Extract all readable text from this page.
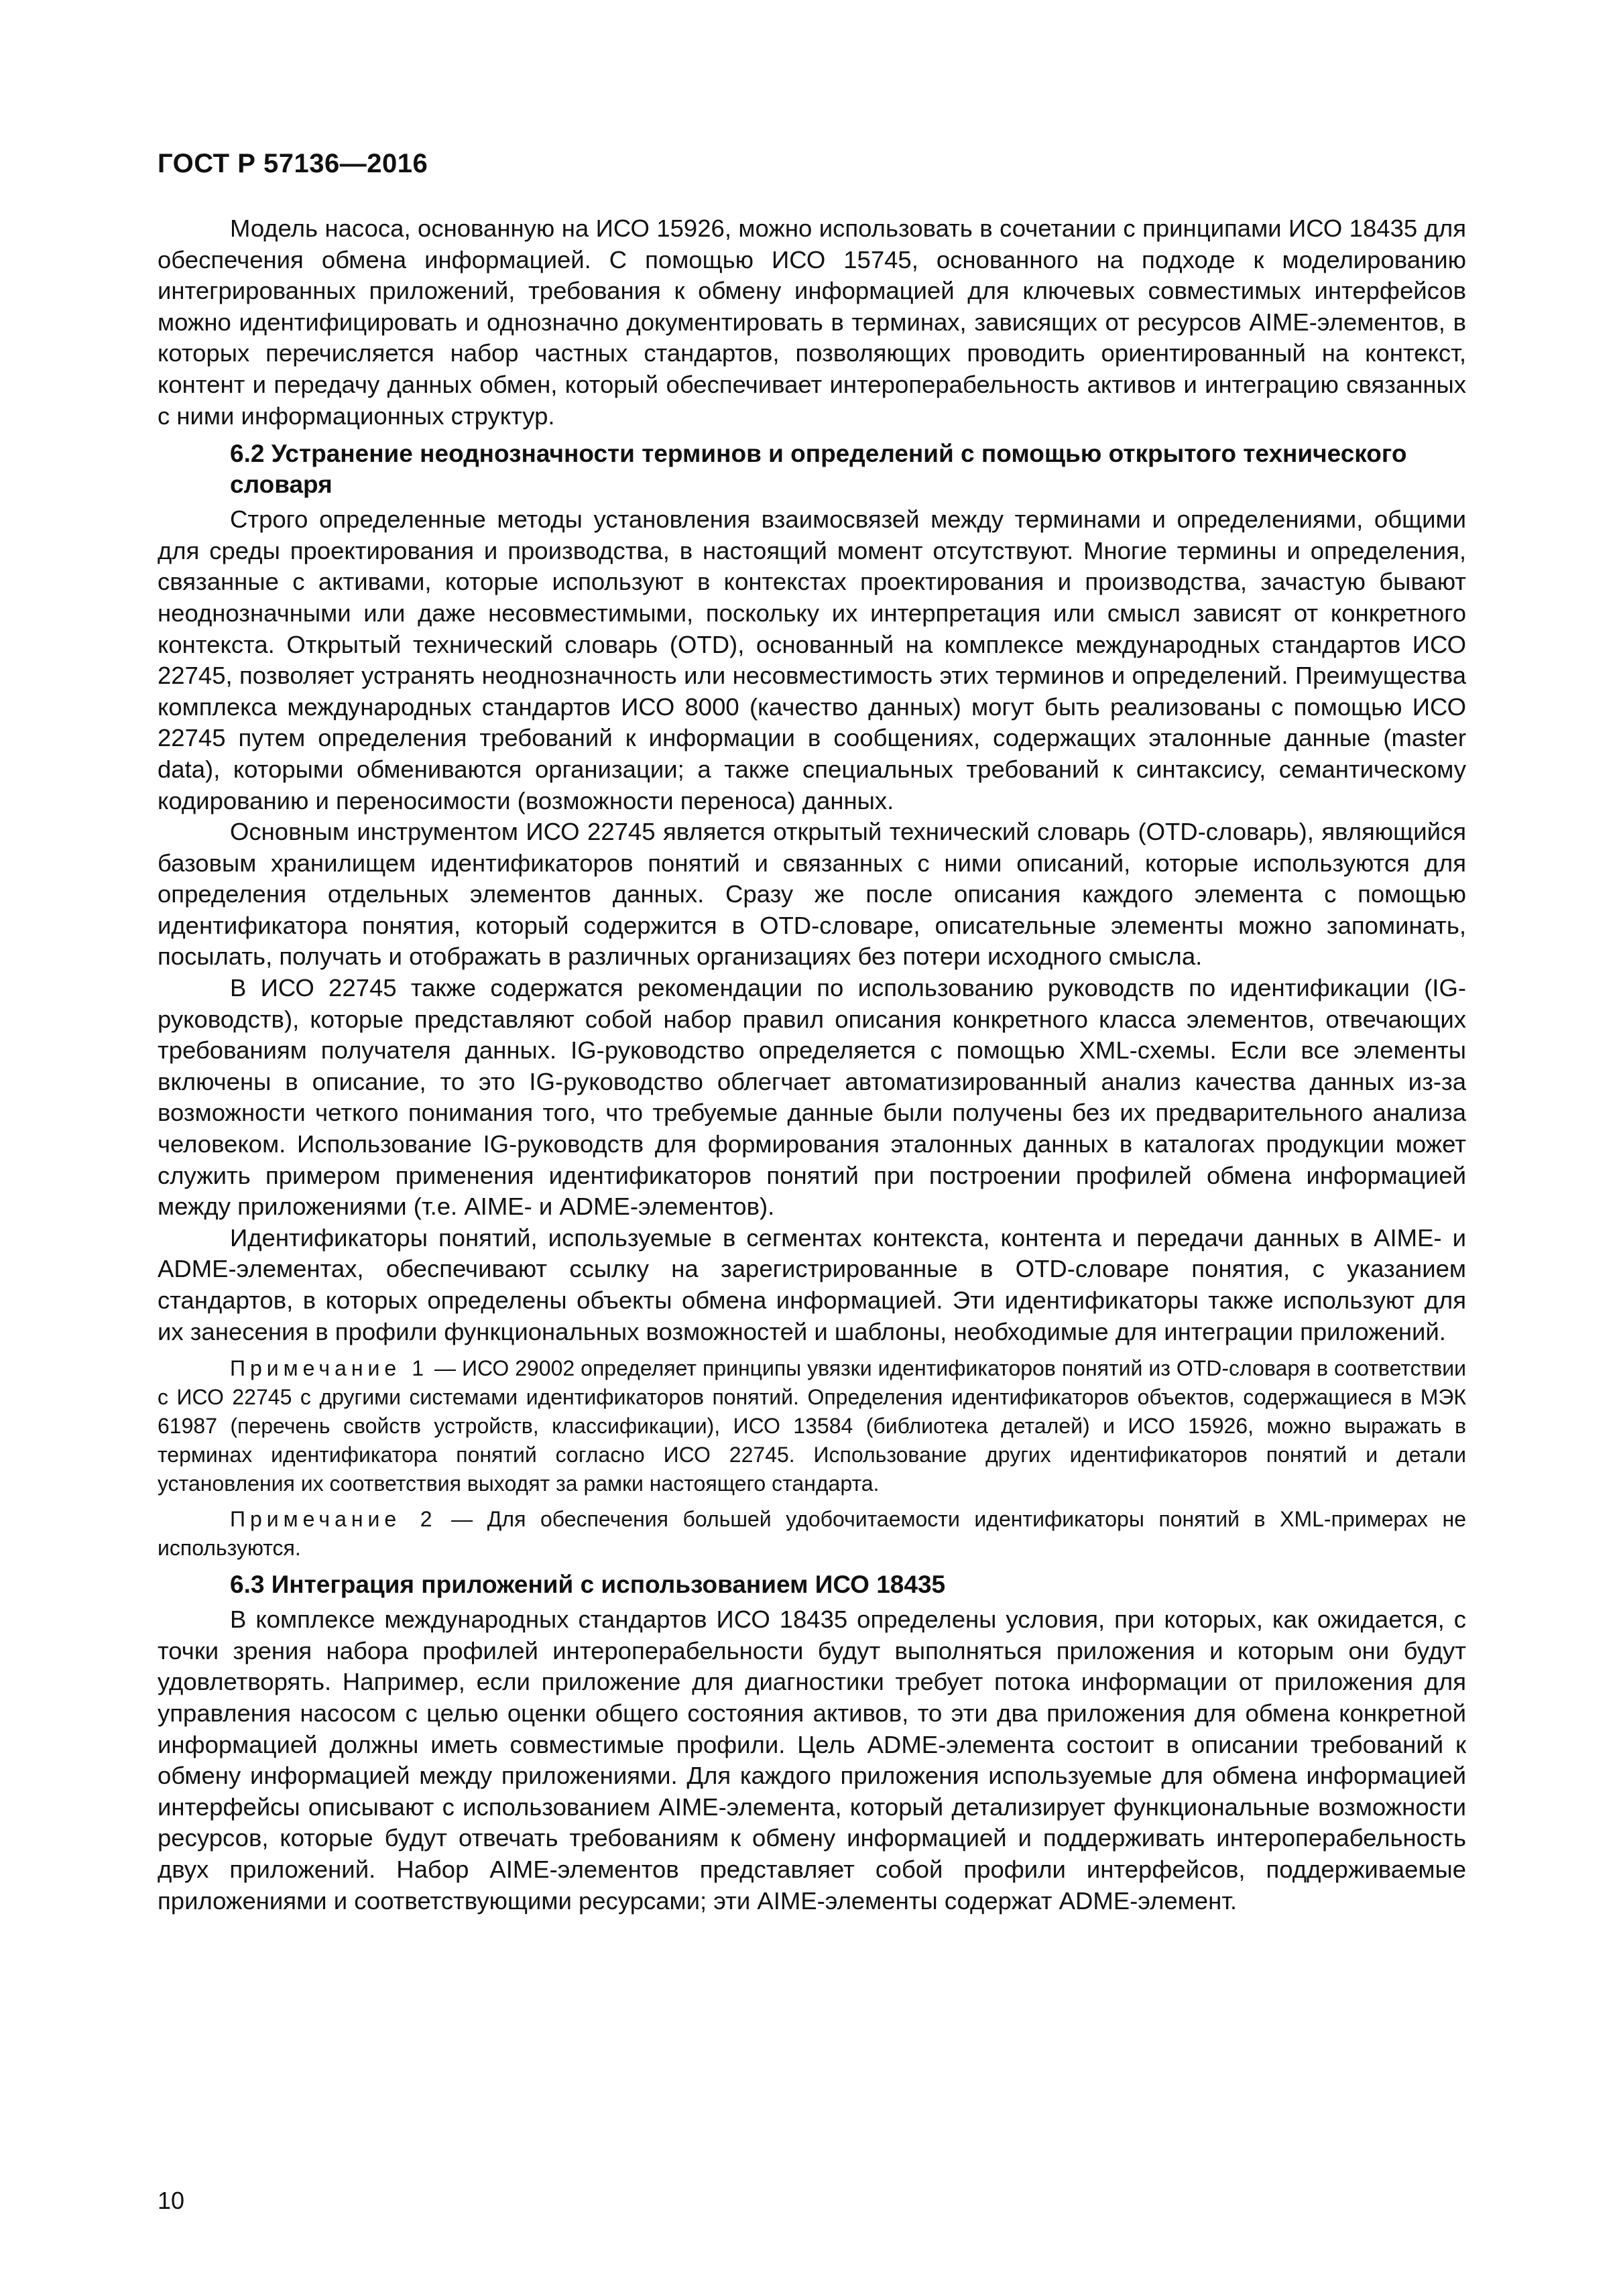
ГОСТ Р 57136—2016

Модель насоса, основанную на ИСО 15926, можно использовать в сочетании с принципами ИСО 18435 для обеспечения обмена информацией. С помощью ИСО 15745, основанного на подходе к моделированию интегрированных приложений, требования к обмену информацией для ключевых совместимых интерфейсов можно идентифицировать и однозначно документировать в терминах, зависящих от ресурсов AIME-элементов, в которых перечисляется набор частных стандартов, позволяющих проводить ориентированный на контекст, контент и передачу данных обмен, который обеспечивает интероперабельность активов и интеграцию связанных с ними информационных структур.

6.2 Устранение неоднозначности терминов и определений с помощью открытого технического словаря

Строго определенные методы установления взаимосвязей между терминами и определениями, общими для среды проектирования и производства, в настоящий момент отсутствуют. Многие термины и определения, связанные с активами, которые используют в контекстах проектирования и производства, зачастую бывают неоднозначными или даже несовместимыми, поскольку их интерпретация или смысл зависят от конкретного контекста. Открытый технический словарь (OTD), основанный на комплексе международных стандартов ИСО 22745, позволяет устранять неоднозначность или несовместимость этих терминов и определений. Преимущества комплекса международных стандартов ИСО 8000 (качество данных) могут быть реализованы с помощью ИСО 22745 путем определения требований к информации в сообщениях, содержащих эталонные данные (master data), которыми обмениваются организации; а также специальных требований к синтаксису, семантическому кодированию и переносимости (возможности переноса) данных.

Основным инструментом ИСО 22745 является открытый технический словарь (OTD-словарь), являющийся базовым хранилищем идентификаторов понятий и связанных с ними описаний, которые используются для определения отдельных элементов данных. Сразу же после описания каждого элемента с помощью идентификатора понятия, который содержится в OTD-словаре, описательные элементы можно запоминать, посылать, получать и отображать в различных организациях без потери исходного смысла.

В ИСО 22745 также содержатся рекомендации по использованию руководств по идентификации (IG-руководств), которые представляют собой набор правил описания конкретного класса элементов, отвечающих требованиям получателя данных. IG-руководство определяется с помощью XML-схемы. Если все элементы включены в описание, то это IG-руководство облегчает автоматизированный анализ качества данных из-за возможности четкого понимания того, что требуемые данные были получены без их предварительного анализа человеком. Использование IG-руководств для формирования эталонных данных в каталогах продукции может служить примером применения идентификаторов понятий при построении профилей обмена информацией между приложениями (т.е. AIME- и ADME-элементов).

Идентификаторы понятий, используемые в сегментах контекста, контента и передачи данных в AIME- и ADME-элементах, обеспечивают ссылку на зарегистрированные в OTD-словаре понятия, с указанием стандартов, в которых определены объекты обмена информацией. Эти идентификаторы также используют для их занесения в профили функциональных возможностей и шаблоны, необходимые для интеграции приложений.

Примечание 1 — ИСО 29002 определяет принципы увязки идентификаторов понятий из OTD-словаря в соответствии с ИСО 22745 с другими системами идентификаторов понятий. Определения идентификаторов объектов, содержащиеся в МЭК 61987 (перечень свойств устройств, классификации), ИСО 13584 (библиотека деталей) и ИСО 15926, можно выражать в терминах идентификатора понятий согласно ИСО 22745. Использование других идентификаторов понятий и детали установления их соответствия выходят за рамки настоящего стандарта.

Примечание 2 — Для обеспечения большей удобочитаемости идентификаторы понятий в XML-примерах не используются.

6.3 Интеграция приложений с использованием ИСО 18435

В комплексе международных стандартов ИСО 18435 определены условия, при которых, как ожидается, с точки зрения набора профилей интероперабельности будут выполняться приложения и которым они будут удовлетворять. Например, если приложение для диагностики требует потока информации от приложения для управления насосом с целью оценки общего состояния активов, то эти два приложения для обмена конкретной информацией должны иметь совместимые профили. Цель ADME-элемента состоит в описании требований к обмену информацией между приложениями. Для каждого приложения используемые для обмена информацией интерфейсы описывают с использованием AIME-элемента, который детализирует функциональные возможности ресурсов, которые будут отвечать требованиям к обмену информацией и поддерживать интероперабельность двух приложений. Набор AIME-элементов представляет собой профили интерфейсов, поддерживаемые приложениями и соответствующими ресурсами; эти AIME-элементы содержат ADME-элемент.

10
